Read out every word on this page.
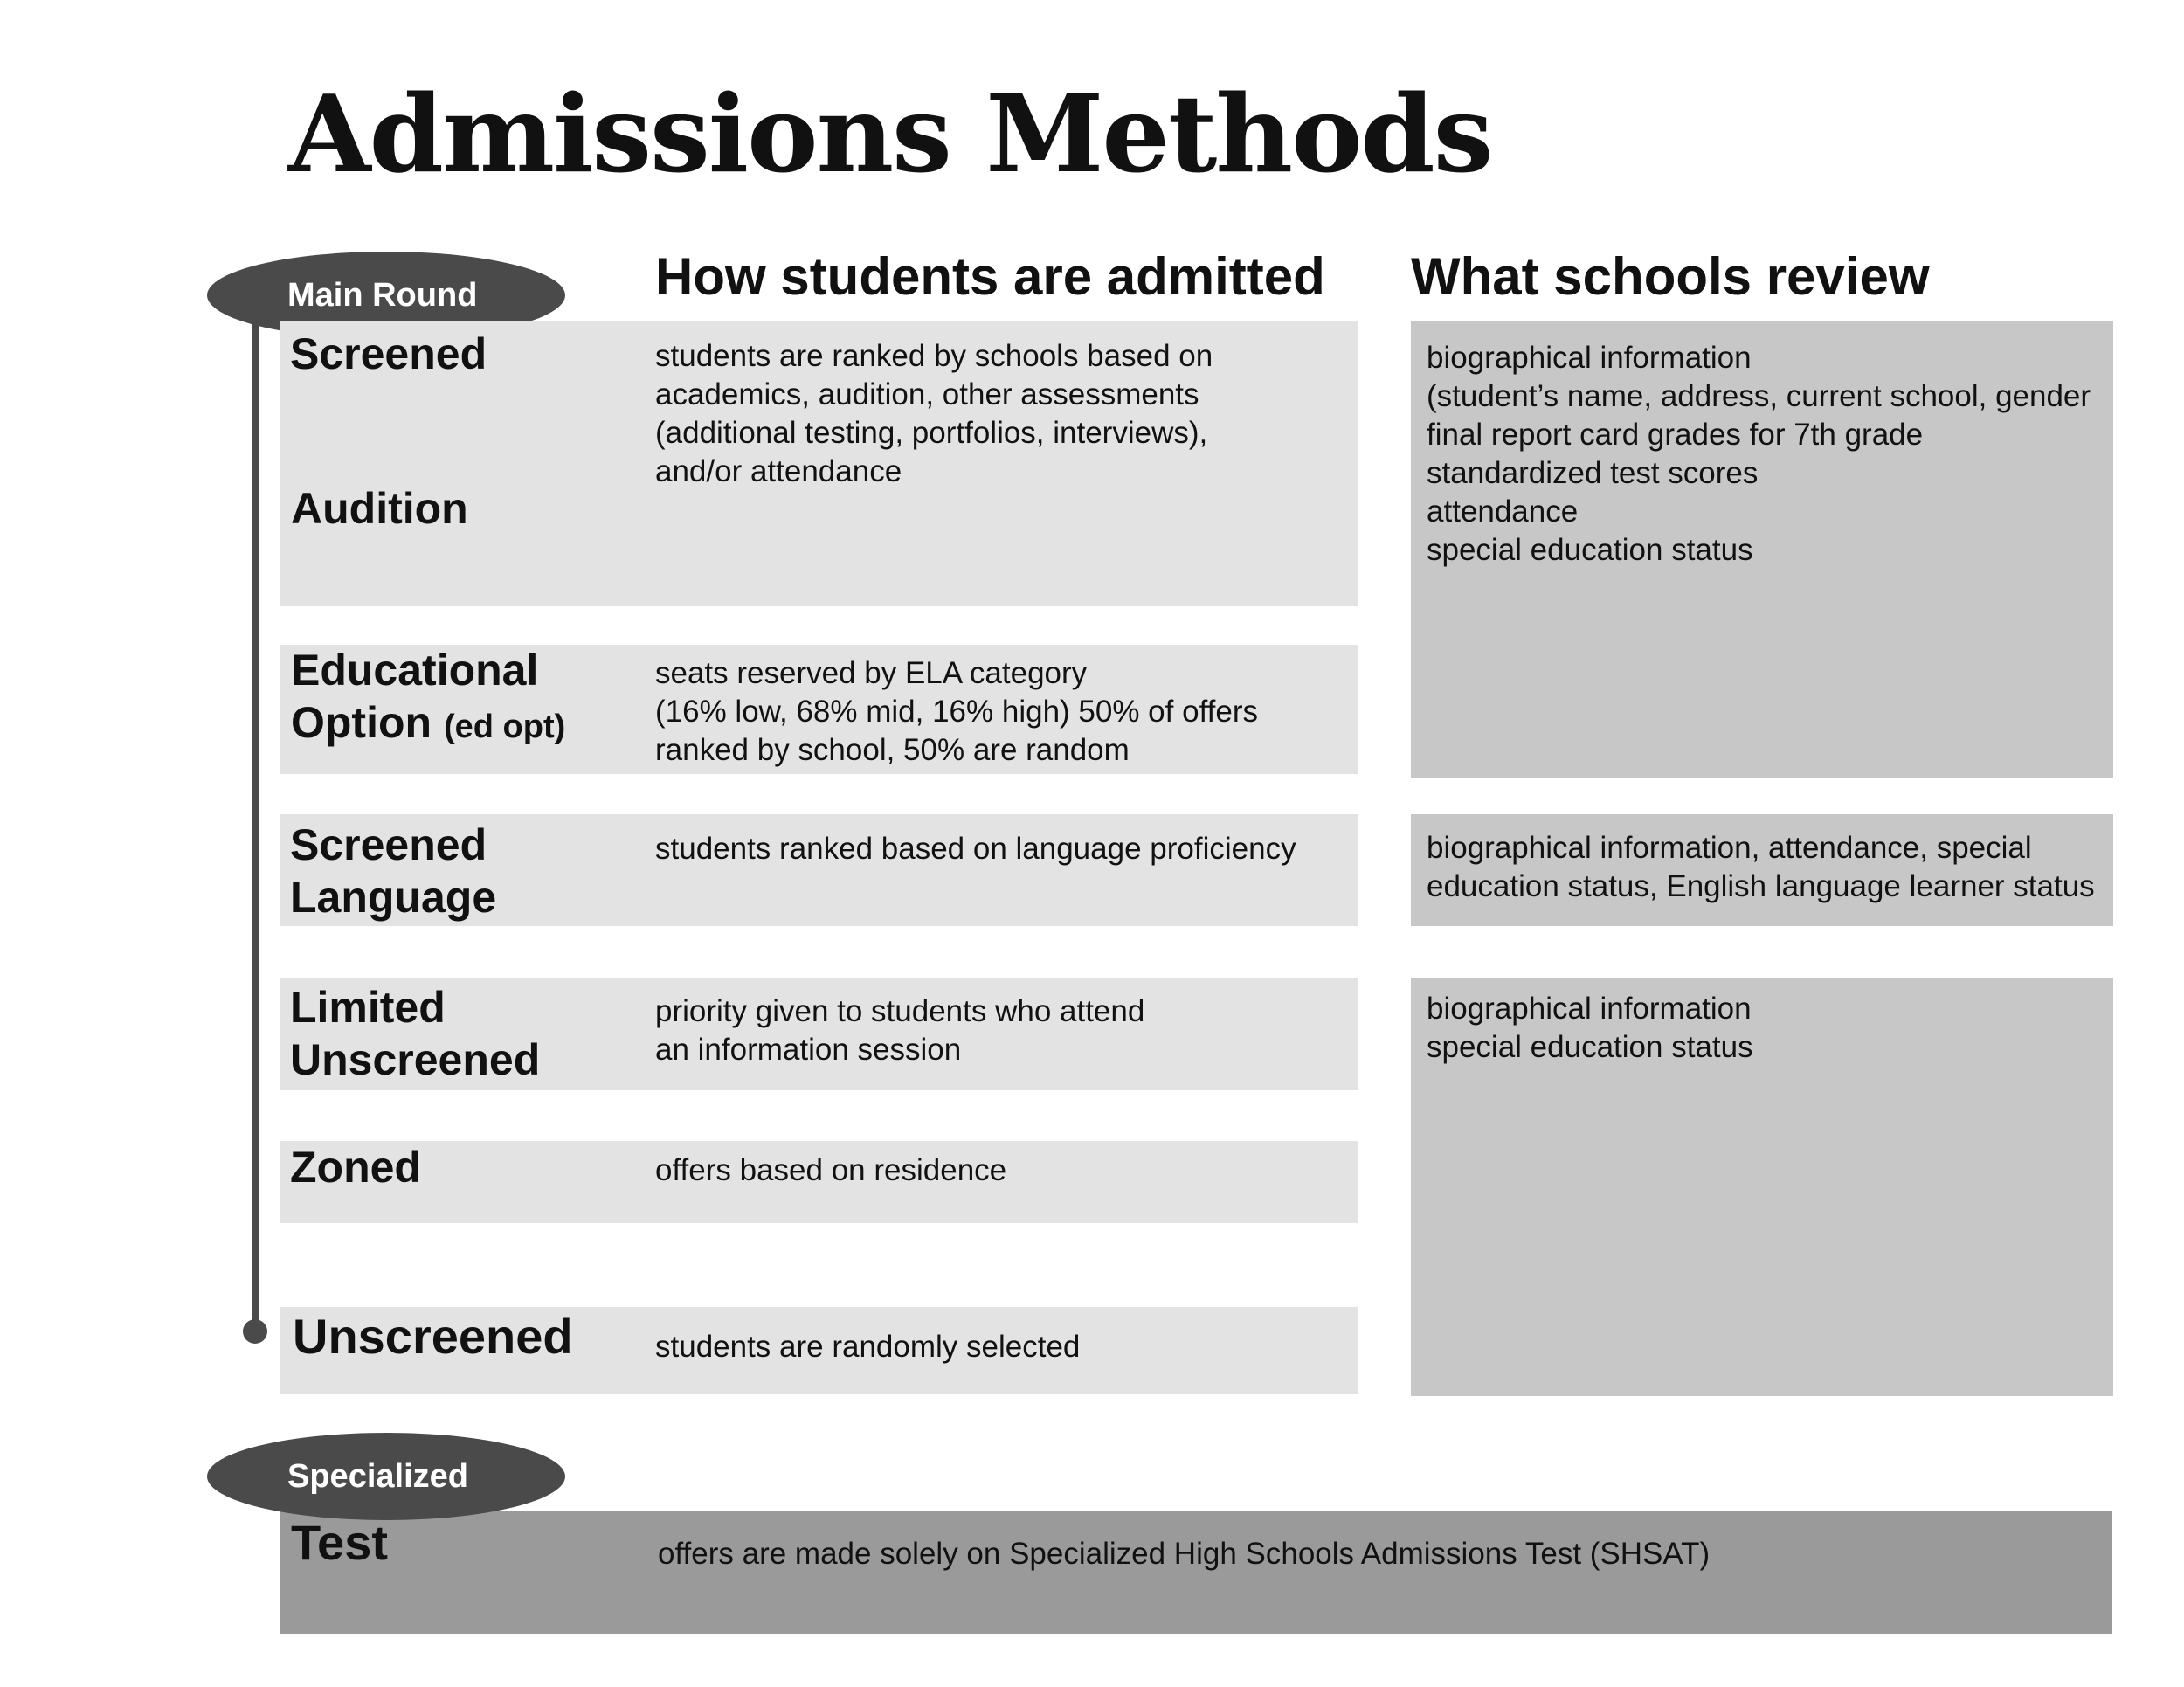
Admissions Methods
How students are admitted What schools review
Main Round
Screened
Audition
Educational
Option (ed opt)
Screened
Language
Limited
Unscreened
Zoned
Unscreened
students are ranked by schools based on
academics, audition, other assessments
(additional testing, portfolios, interviews),
and/or attendance
seats reserved by ELA category
(16% low, 68% mid, 16% high) 50% of offers
ranked by school, 50% are random
students ranked based on language proficiency
priority given to students who attend
an information session
offers based on residence
students are randomly selected
biographical information
(student’s name, address, current school, gender
final report card grades for 7th grade
standardized test scores
attendance
special education status
biographical information, attendance, special
education status, English language learner status
biographical information
special education status
Specialized
Test	offers are made solely on Specialized High Schools Admissions Test (SHSAT)
